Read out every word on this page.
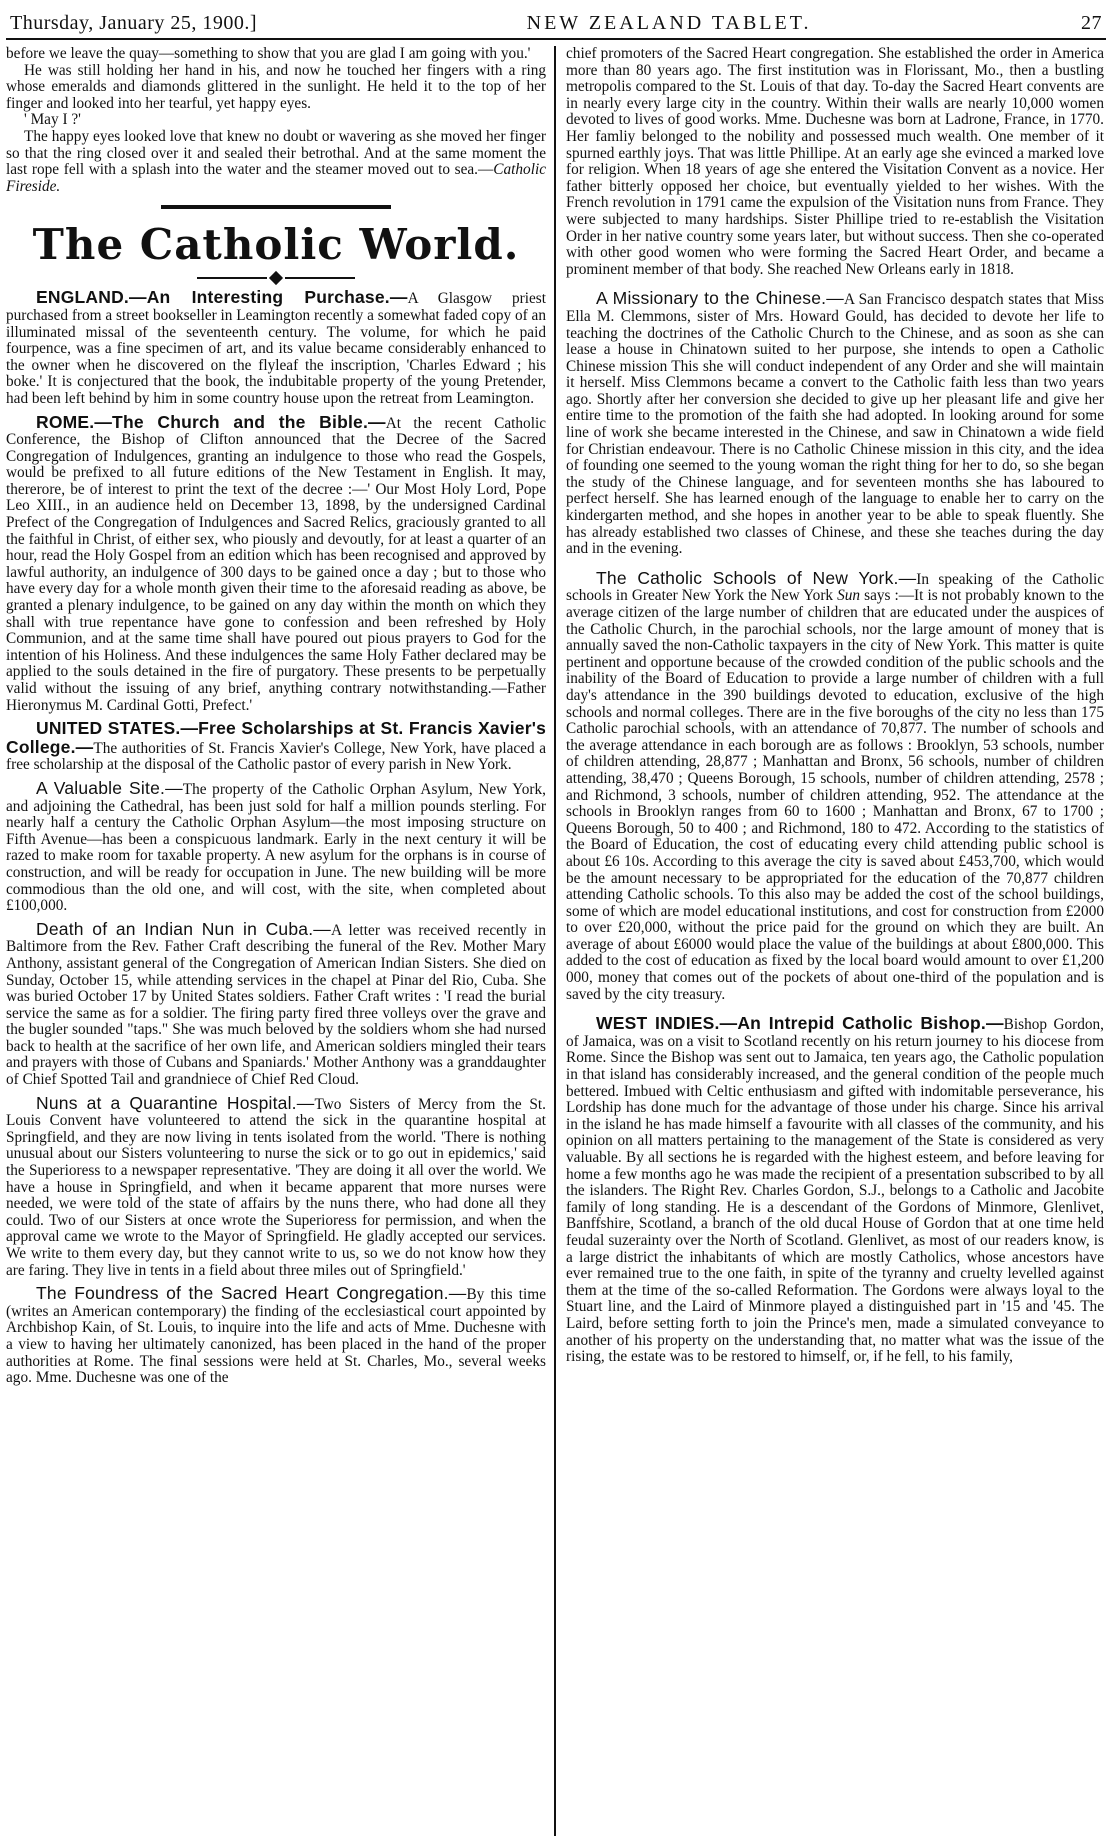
Thursday, January 25, 1900.]	NEW ZEALAND TABLET.	27

before we leave the quay—something to show that you are glad I am going with you.'

He was still holding her hand in his, and now he touched her fingers with a ring whose emeralds and diamonds glittered in the sunlight. He held it to the top of her finger and looked into her tearful, yet happy eyes.

' May I ?'

The happy eyes looked love that knew no doubt or wavering as she moved her finger so that the ring closed over it and sealed their betrothal. And at the same moment the last rope fell with a splash into the water and the steamer moved out to sea.—Catholic Fireside.

The Catholic World.

ENGLAND.—An Interesting Purchase.—A Glasgow priest purchased from a street bookseller in Leamington recently a somewhat faded copy of an illuminated missal of the seventeenth century. The volume, for which he paid fourpence, was a fine specimen of art, and its value became considerably enhanced to the owner when he discovered on the flyleaf the inscription, 'Charles Edward ; his boke.' It is conjectured that the book, the indubitable property of the young Pretender, had been left behind by him in some country house upon the retreat from Leamington.

ROME.—The Church and the Bible.—At the recent Catholic Conference, the Bishop of Clifton announced that the Decree of the Sacred Congregation of Indulgences, granting an indulgence to those who read the Gospels, would be prefixed to all future editions of the New Testament in English. It may, thererore, be of interest to print the text of the decree :—' Our Most Holy Lord, Pope Leo XIII., in an audience held on December 13, 1898, by the undersigned Cardinal Prefect of the Congregation of Indulgences and Sacred Relics, graciously granted to all the faithful in Christ, of either sex, who piously and devoutly, for at least a quarter of an hour, read the Holy Gospel from an edition which has been recognised and approved by lawful authority, an indulgence of 300 days to be gained once a day ; but to those who have every day for a whole month given their time to the aforesaid reading as above, be granted a plenary indulgence, to be gained on any day within the month on which they shall with true repentance have gone to confession and been refreshed by Holy Communion, and at the same time shall have poured out pious prayers to God for the intention of his Holiness. And these indulgences the same Holy Father declared may be applied to the souls detained in the fire of purgatory. These presents to be perpetually valid without the issuing of any brief, anything contrary notwithstanding.—Father Hieronymus M. Cardinal Gotti, Prefect.'

UNITED STATES.—Free Scholarships at St. Francis Xavier's College.—The authorities of St. Francis Xavier's College, New York, have placed a free scholarship at the disposal of the Catholic pastor of every parish in New York.

A Valuable Site.—The property of the Catholic Orphan Asylum, New York, and adjoining the Cathedral, has been just sold for half a million pounds sterling. For nearly half a century the Catholic Orphan Asylum—the most imposing structure on Fifth Avenue—has been a conspicuous landmark. Early in the next century it will be razed to make room for taxable property. A new asylum for the orphans is in course of construction, and will be ready for occupation in June. The new building will be more commodious than the old one, and will cost, with the site, when completed about £100,000.

Death of an Indian Nun in Cuba.—A letter was received recently in Baltimore from the Rev. Father Craft describing the funeral of the Rev. Mother Mary Anthony, assistant general of the Congregation of American Indian Sisters. She died on Sunday, October 15, while attending services in the chapel at Pinar del Rio, Cuba. She was buried October 17 by United States soldiers. Father Craft writes : 'I read the burial service the same as for a soldier. The firing party fired three volleys over the grave and the bugler sounded "taps." She was much beloved by the soldiers whom she had nursed back to health at the sacrifice of her own life, and American soldiers mingled their tears and prayers with those of Cubans and Spaniards.' Mother Anthony was a granddaughter of Chief Spotted Tail and grandniece of Chief Red Cloud.

Nuns at a Quarantine Hospital.—Two Sisters of Mercy from the St. Louis Convent have volunteered to attend the sick in the quarantine hospital at Springfield, and they are now living in tents isolated from the world. 'There is nothing unusual about our Sisters volunteering to nurse the sick or to go out in epidemics,' said the Superioress to a newspaper representative. 'They are doing it all over the world. We have a house in Springfield, and when it became apparent that more nurses were needed, we were told of the state of affairs by the nuns there, who had done all they could. Two of our Sisters at once wrote the Superioress for permission, and when the approval came we wrote to the Mayor of Springfield. He gladly accepted our services. We write to them every day, but they cannot write to us, so we do not know how they are faring. They live in tents in a field about three miles out of Springfield.'

The Foundress of the Sacred Heart Congregation.—By this time (writes an American contemporary) the finding of the ecclesiastical court appointed by Archbishop Kain, of St. Louis, to inquire into the life and acts of Mme. Duchesne with a view to having her ultimately canonized, has been placed in the hand of the proper authorities at Rome. The final sessions were held at St. Charles, Mo., several weeks ago. Mme. Duchesne was one of the

chief promoters of the Sacred Heart congregation. She established the order in America more than 80 years ago. The first institution was in Florissant, Mo., then a bustling metropolis compared to the St. Louis of that day. To-day the Sacred Heart convents are in nearly every large city in the country. Within their walls are nearly 10,000 women devoted to lives of good works. Mme. Duchesne was born at Ladrone, France, in 1770. Her famliy belonged to the nobility and possessed much wealth. One member of it spurned earthly joys. That was little Phillipe. At an early age she evinced a marked love for religion. When 18 years of age she entered the Visitation Convent as a novice. Her father bitterly opposed her choice, but eventually yielded to her wishes. With the French revolution in 1791 came the expulsion of the Visitation nuns from France. They were subjected to many hardships. Sister Phillipe tried to re-establish the Visitation Order in her native country some years later, but without success. Then she co-operated with other good women who were forming the Sacred Heart Order, and became a prominent member of that body. She reached New Orleans early in 1818.

A Missionary to the Chinese.—A San Francisco despatch states that Miss Ella M. Clemmons, sister of Mrs. Howard Gould, has decided to devote her life to teaching the doctrines of the Catholic Church to the Chinese, and as soon as she can lease a house in Chinatown suited to her purpose, she intends to open a Catholic Chinese mission This she will conduct independent of any Order and she will maintain it herself. Miss Clemmons became a convert to the Catholic faith less than two years ago. Shortly after her conversion she decided to give up her pleasant life and give her entire time to the promotion of the faith she had adopted. In looking around for some line of work she became interested in the Chinese, and saw in Chinatown a wide field for Christian endeavour. There is no Catholic Chinese mission in this city, and the idea of founding one seemed to the young woman the right thing for her to do, so she began the study of the Chinese language, and for seventeen months she has laboured to perfect herself. She has learned enough of the language to enable her to carry on the kindergarten method, and she hopes in another year to be able to speak fluently. She has already established two classes of Chinese, and these she teaches during the day and in the evening.

The Catholic Schools of New York.—In speaking of the Catholic schools in Greater New York the New York Sun says :—It is not probably known to the average citizen of the large number of children that are educated under the auspices of the Catholic Church, in the parochial schools, nor the large amount of money that is annually saved the non-Catholic taxpayers in the city of New York. This matter is quite pertinent and opportune because of the crowded condition of the public schools and the inability of the Board of Education to provide a large number of children with a full day's attendance in the 390 buildings devoted to education, exclusive of the high schools and normal colleges. There are in the five boroughs of the city no less than 175 Catholic parochial schools, with an attendance of 70,877. The number of schools and the average attendance in each borough are as follows : Brooklyn, 53 schools, number of children attending, 28,877 ; Manhattan and Bronx, 56 schools, number of children attending, 38,470 ; Queens Borough, 15 schools, number of children attending, 2578 ; and Richmond, 3 schools, number of children attending, 952. The attendance at the schools in Brooklyn ranges from 60 to 1600 ; Manhattan and Bronx, 67 to 1700 ; Queens Borough, 50 to 400 ; and Richmond, 180 to 472. According to the statistics of the Board of Education, the cost of educating every child attending public school is about £6 10s. According to this average the city is saved about £453,700, which would be the amount necessary to be appropriated for the education of the 70,877 children attending Catholic schools. To this also may be added the cost of the school buildings, some of which are model educational institutions, and cost for construction from £2000 to over £20,000, without the price paid for the ground on which they are built. An average of about £6000 would place the value of the buildings at about £800,000. This added to the cost of education as fixed by the local board would amount to over £1,200 000, money that comes out of the pockets of about one-third of the population and is saved by the city treasury.

WEST INDIES.—An Intrepid Catholic Bishop.—Bishop Gordon, of Jamaica, was on a visit to Scotland recently on his return journey to his diocese from Rome. Since the Bishop was sent out to Jamaica, ten years ago, the Catholic population in that island has considerably increased, and the general condition of the people much bettered. Imbued with Celtic enthusiasm and gifted with indomitable perseverance, his Lordship has done much for the advantage of those under his charge. Since his arrival in the island he has made himself a favourite with all classes of the community, and his opinion on all matters pertaining to the management of the State is considered as very valuable. By all sections he is regarded with the highest esteem, and before leaving for home a few months ago he was made the recipient of a presentation subscribed to by all the islanders. The Right Rev. Charles Gordon, S.J., belongs to a Catholic and Jacobite family of long standing. He is a descendant of the Gordons of Minmore, Glenlivet, Banffshire, Scotland, a branch of the old ducal House of Gordon that at one time held feudal suzerainty over the North of Scotland. Glenlivet, as most of our readers know, is a large district the inhabitants of which are mostly Catholics, whose ancestors have ever remained true to the one faith, in spite of the tyranny and cruelty levelled against them at the time of the so-called Reformation. The Gordons were always loyal to the Stuart line, and the Laird of Minmore played a distinguished part in '15 and '45. The Laird, before setting forth to join the Prince's men, made a simulated conveyance to another of his property on the understanding that, no matter what was the issue of the rising, the estate was to be restored to himself, or, if he fell, to his family,
